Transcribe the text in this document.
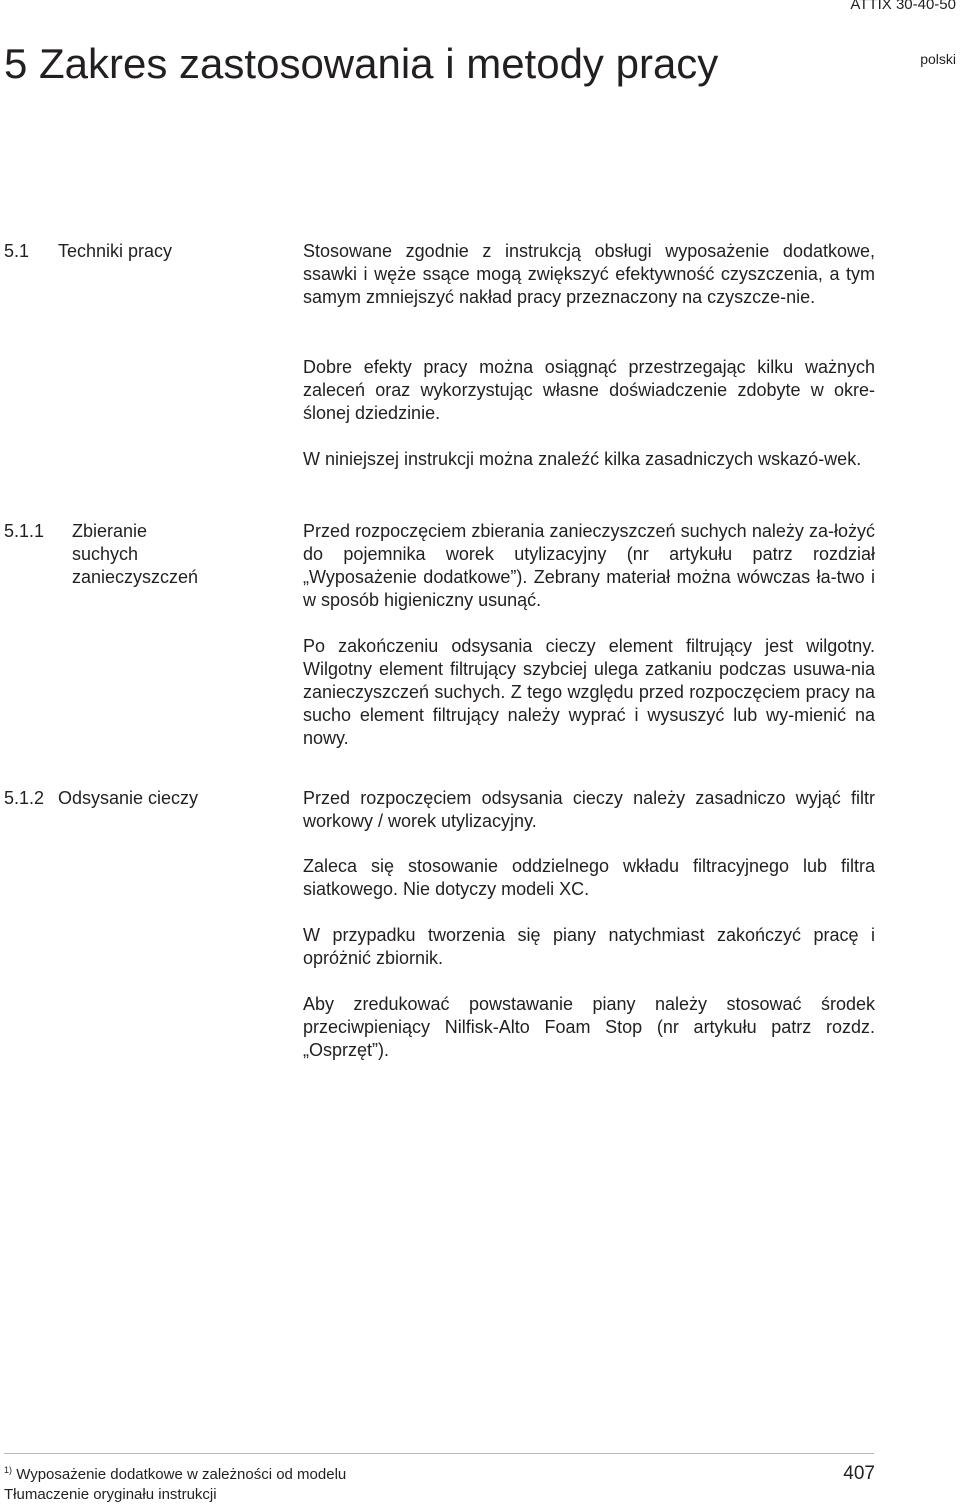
ATTIX 30-40-50
polski
5 Zakres zastosowania i metody pracy
5.1 Techniki pracy	Stosowane zgodnie z instrukcją obsługi wyposażenie dodatkowe, ssawki i węże ssące mogą zwiększyć efektywność czyszczenia, a tym samym zmniejszyć nakład pracy przeznaczony na czyszcze-nie.

Dobre efekty pracy można osiągnąć przestrzegając kilku ważnych zaleceń oraz wykorzystując własne doświadczenie zdobyte w okre-ślonej dziedzinie.

W niniejszej instrukcji można znaleźć kilka zasadniczych wskazó-wek.

5.1.1 Zbieranie suchych
zanieczyszczeń

Przed rozpoczęciem zbierania zanieczyszczeń suchych należy za-łożyć do pojemnika worek utylizacyjny (nr artykułu patrz rozdział „Wyposażenie dodatkowe”). Zebrany materiał można wówczas ła-two i w sposób higieniczny usunąć.

Po zakończeniu odsysania cieczy element filtrujący jest wilgotny. Wilgotny element filtrujący szybciej ulega zatkaniu podczas usuwa-nia zanieczyszczeń suchych. Z tego względu przed rozpoczęciem pracy na sucho element filtrujący należy wyprać i wysuszyć lub wy-mienić na nowy.

5.1.2 Odsysanie cieczy	Przed rozpoczęciem odsysania cieczy należy zasadniczo wyjąć filtr workowy / worek utylizacyjny.

Zaleca się stosowanie oddzielnego wkładu filtracyjnego lub filtra siatkowego. Nie dotyczy modeli XC.

W przypadku tworzenia się piany natychmiast zakończyć pracę i opróżnić zbiornik.

Aby zredukować powstawanie piany należy stosować środek przeciwpieniący Nilfisk-Alto Foam Stop (nr artykułu patrz rozdz. „Osprzęt”).

$^{1)}$ Wyposażenie dodatkowe w zależności od modelu
Tłumaczenie oryginału instrukcji
407
